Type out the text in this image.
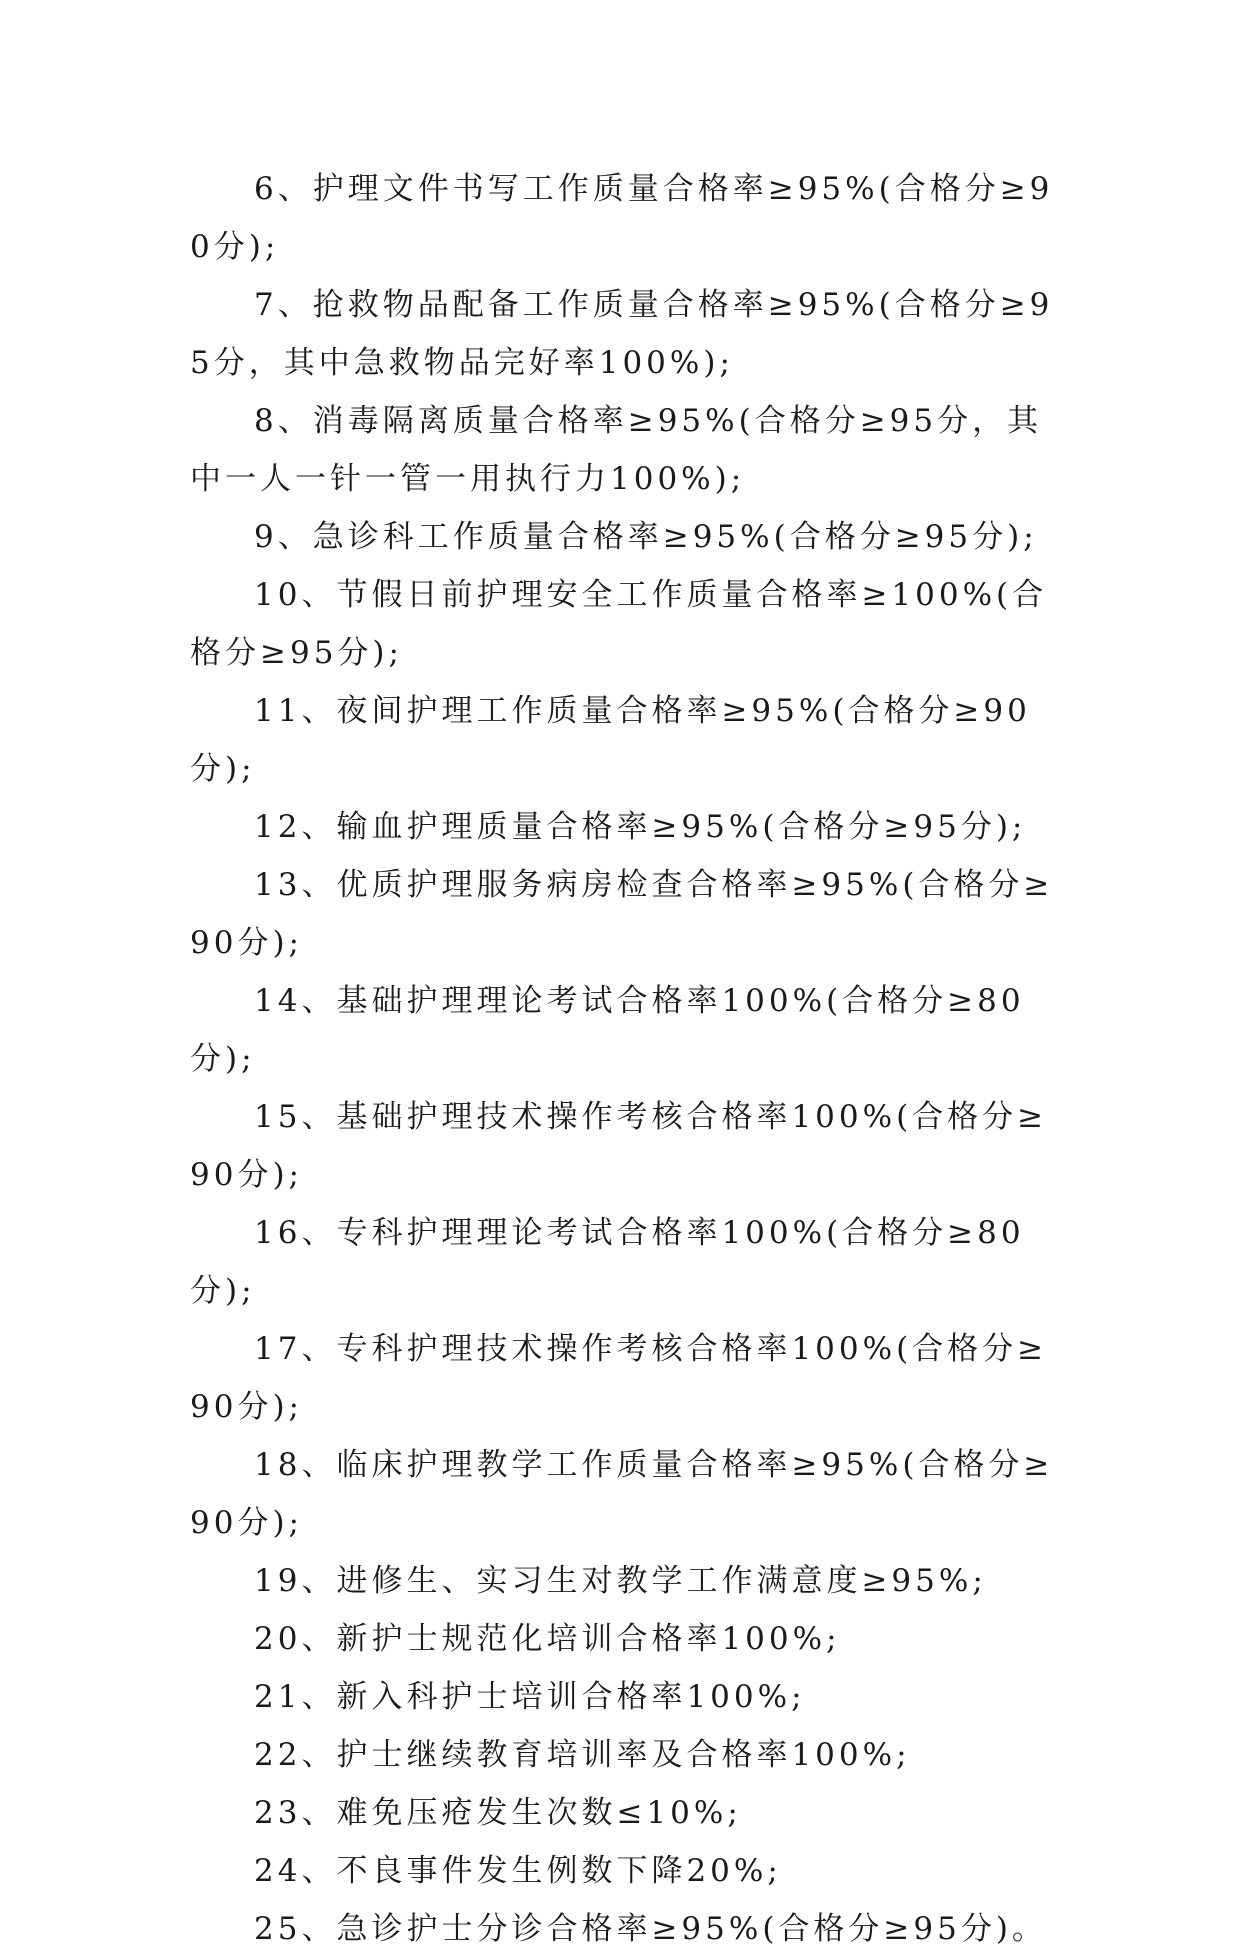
6、护理文件书写工作质量合格率≥95%(合格分≥90分);

7、抢救物品配备工作质量合格率≥95%(合格分≥95分，其中急救物品完好率100%);

8、消毒隔离质量合格率≥95%(合格分≥95分，其中一人一针一管一用执行力100%);

9、急诊科工作质量合格率≥95%(合格分≥95分);

10、节假日前护理安全工作质量合格率≥100%(合格分≥95分);

11、夜间护理工作质量合格率≥95%(合格分≥90分);

12、输血护理质量合格率≥95%(合格分≥95分);

13、优质护理服务病房检查合格率≥95%(合格分≥90分);

14、基础护理理论考试合格率100%(合格分≥80分);

15、基础护理技术操作考核合格率100%(合格分≥90分);

16、专科护理理论考试合格率100%(合格分≥80分);

17、专科护理技术操作考核合格率100%(合格分≥90分);

18、临床护理教学工作质量合格率≥95%(合格分≥90分);

19、进修生、实习生对教学工作满意度≥95%;

20、新护士规范化培训合格率100%;

21、新入科护士培训合格率100%;

22、护士继续教育培训率及合格率100%;

23、难免压疮发生次数≤10%;

24、不良事件发生例数下降20%;

25、急诊护士分诊合格率≥95%(合格分≥95分)。
